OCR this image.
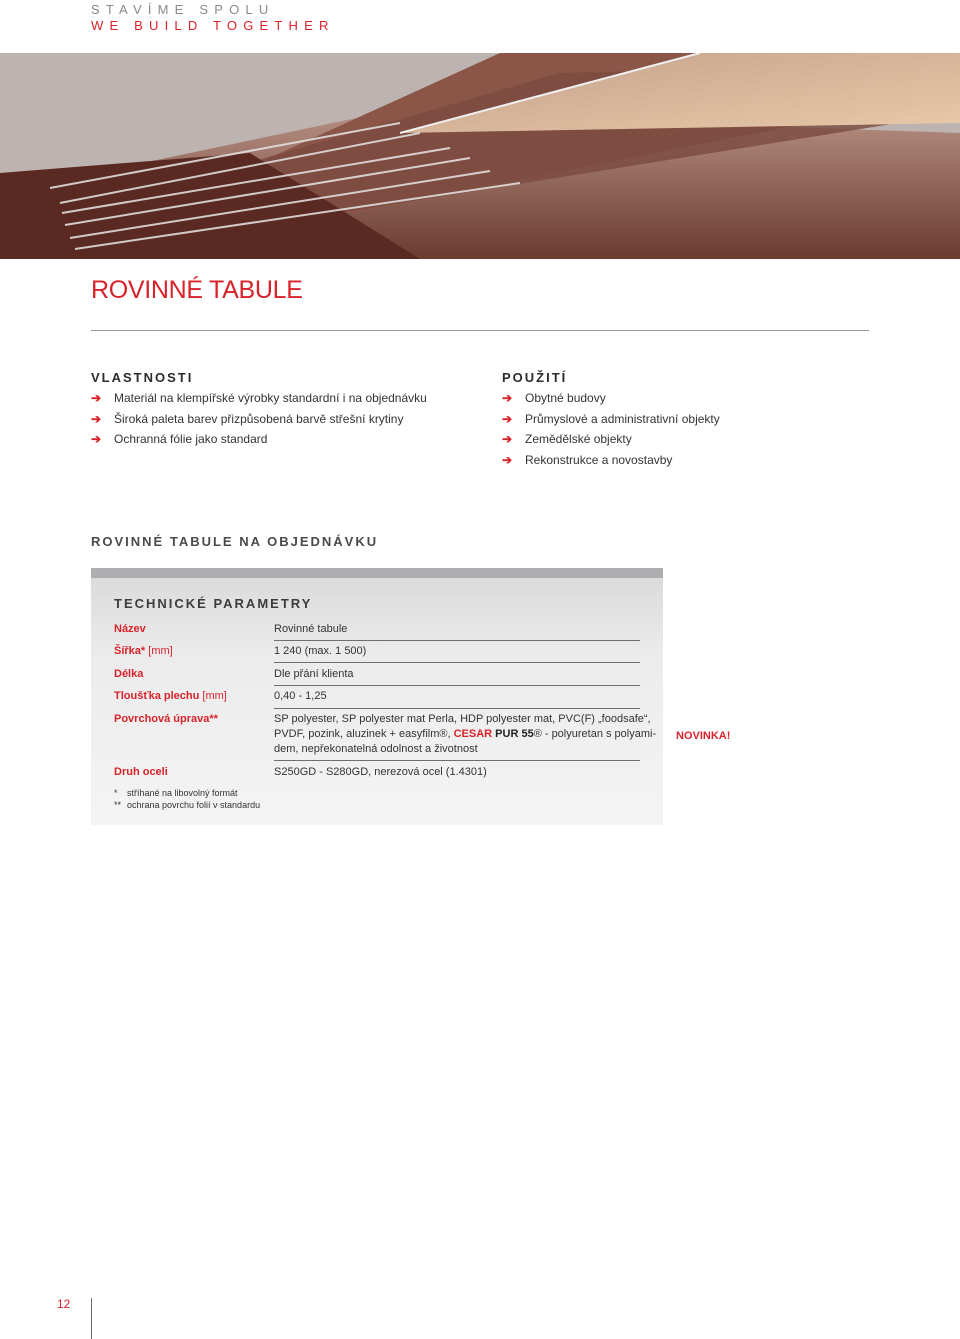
STAVÍME SPOLU
WE BUILD TOGETHER
ROVINNÉ TABULE
VLASTNOSTI
➔ Materiál na klempířské výrobky standardní i na objednávku
➔ Široká paleta barev přizpůsobená barvě střešní krytiny
➔ Ochranná fólie jako standard
POUŽITÍ
➔ Obytné budovy
➔ Průmyslové a administrativní objekty
➔ Zemědělské objekty
➔ Rekonstrukce a novostavby
ROVINNÉ TABULE NA OBJEDNÁVKU
TECHNICKÉ PARAMETRY
Název	Rovinné tabule
Šířka* [mm]	1 240 (max. 1 500)
Délka	Dle přání klienta
Tloušťka plechu [mm]	0,40 - 1,25
Povrchová úprava**	SP polyester, SP polyester mat Perla, HDP polyester mat, PVC(F) „foodsafe“,
PVDF, pozink, aluzinek + easyfilm®, CESAR PUR 55® - polyuretan s polyami-
dem, nepřekonatelná odolnost a životnost
Druh oceli	S250GD - S280GD, nerezová ocel (1.4301)
* stříhané na libovolný formát
** ochrana povrchu folií v standardu
NOVINKA!
12
